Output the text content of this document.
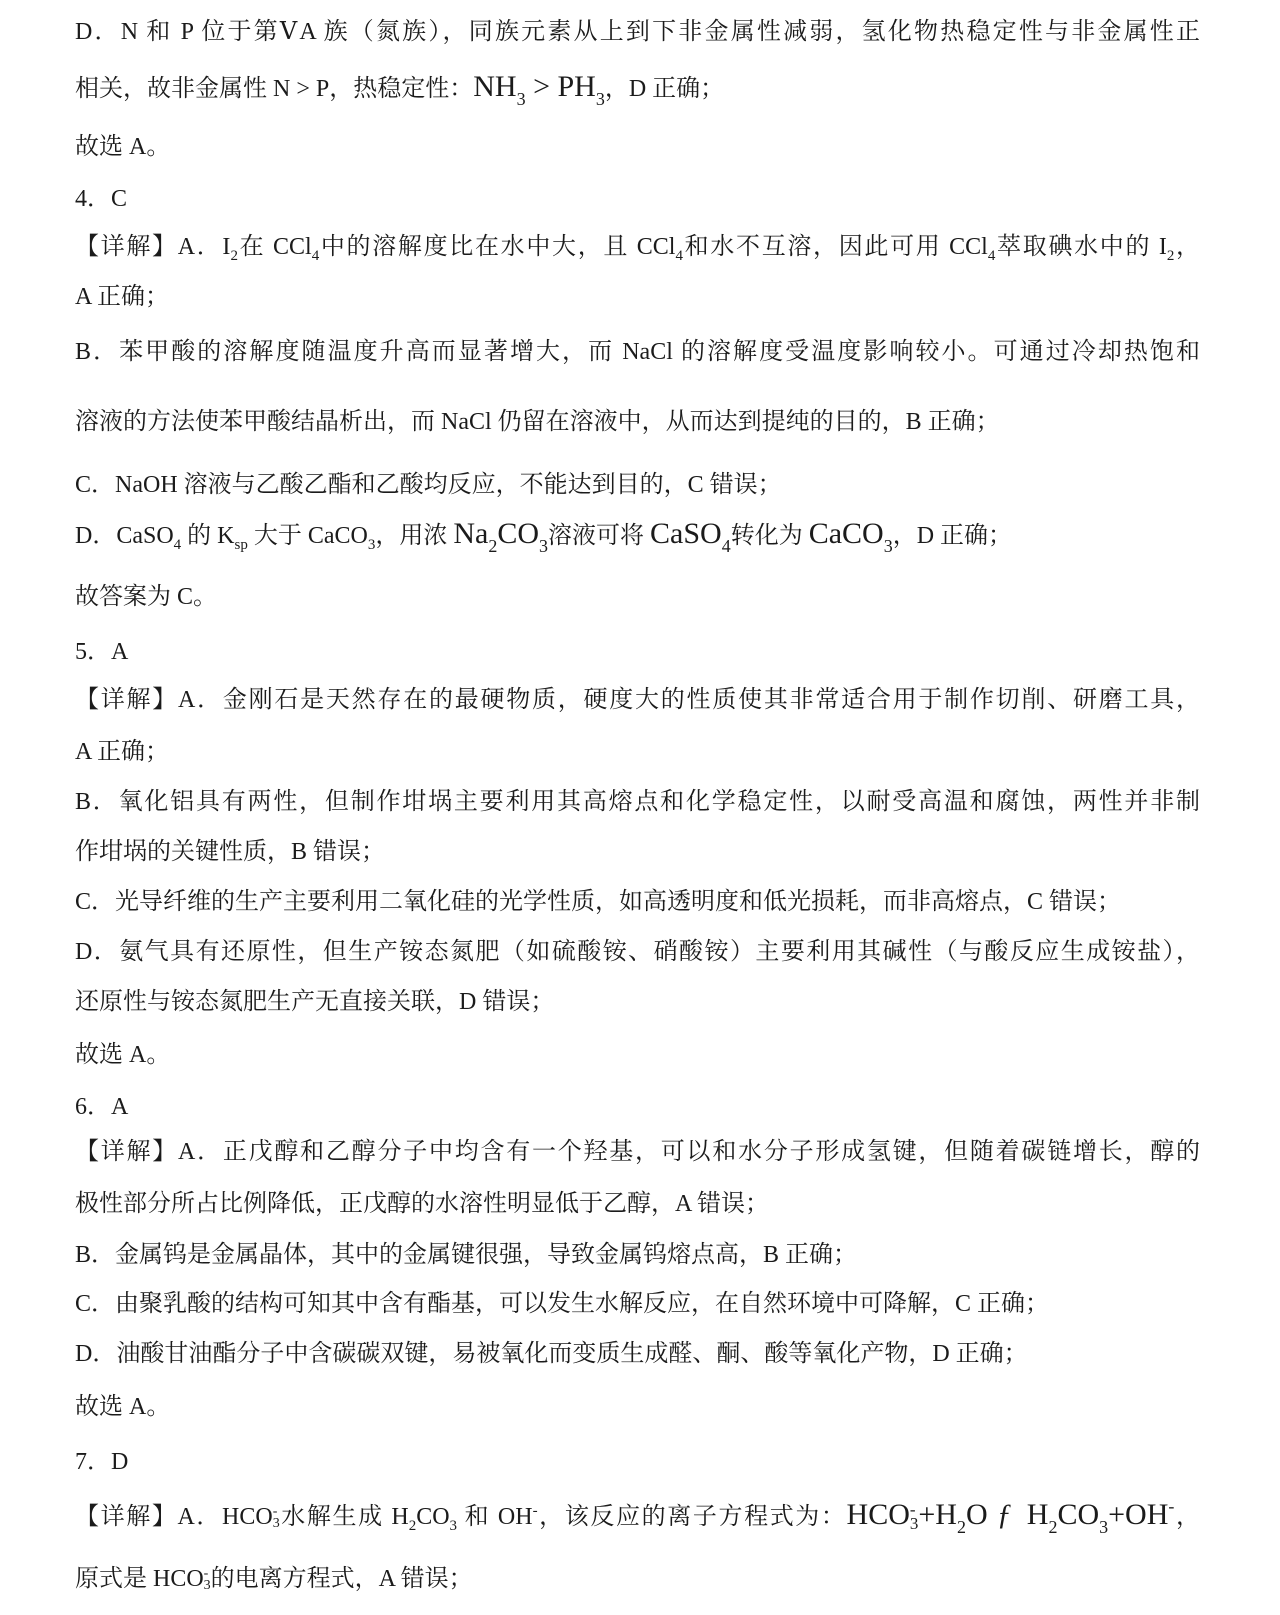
D．N 和 P 位于第ⅤA 族（氮族），同族元素从上到下非金属性减弱，氢化物热稳定性与非金属性正
相关，故非金属性 N > P，热稳定性：$NH_3 > PH_3$，D 正确；
故选 A。
4．C
【详解】A．$I_2$在 CCl$_4$中的溶解度比在水中大，且 CCl$_4$和水不互溶，因此可用 CCl$_4$萃取碘水中的 $I_2$，
A 正确；
B．苯甲酸的溶解度随温度升高而显著增大，而 NaCl 的溶解度受温度影响较小。可通过冷却热饱和
溶液的方法使苯甲酸结晶析出，而 NaCl 仍留在溶液中，从而达到提纯的目的，B 正确；
C．NaOH 溶液与乙酸乙酯和乙酸均反应，不能达到目的，C 错误；
D．CaSO$_4$ 的 $K_{sp}$ 大于 CaCO$_3$，用浓 $Na_2CO_3$溶液可将 CaSO$_4$转化为 CaCO$_3$，D 正确；
故答案为 C。
5．A
【详解】A．金刚石是天然存在的最硬物质，硬度大的性质使其非常适合用于制作切削、研磨工具，
A 正确；
B．氧化铝具有两性，但制作坩埚主要利用其高熔点和化学稳定性，以耐受高温和腐蚀，两性并非制
作坩埚的关键性质，B 错误；
C．光导纤维的生产主要利用二氧化硅的光学性质，如高透明度和低光损耗，而非高熔点，C 错误；
D．氨气具有还原性，但生产铵态氮肥（如硫酸铵、硝酸铵）主要利用其碱性（与酸反应生成铵盐），
还原性与铵态氮肥生产无直接关联，D 错误；
故选 A。
6．A
【详解】A．正戊醇和乙醇分子中均含有一个羟基，可以和水分子形成氢键，但随着碳链增长，醇的
极性部分所占比例降低，正戊醇的水溶性明显低于乙醇，A 错误；
B．金属钨是金属晶体，其中的金属键很强，导致金属钨熔点高，B 正确；
C．由聚乳酸的结构可知其中含有酯基，可以发生水解反应，在自然环境中可降解，C 正确；
D．油酸甘油酯分子中含碳碳双键，易被氧化而变质生成醛、酮、酸等氧化产物，D 正确；
故选 A。
7．D
【详解】A．HCO -
3 水解生成 $H_2CO_3$ 和 OH-，该反应的离子方程式为：HCO -
$3 +H_2O$ ƒ $H_2CO_3+OH^-$，
原式是 HCO -
3 的电离方程式，A 错误；
